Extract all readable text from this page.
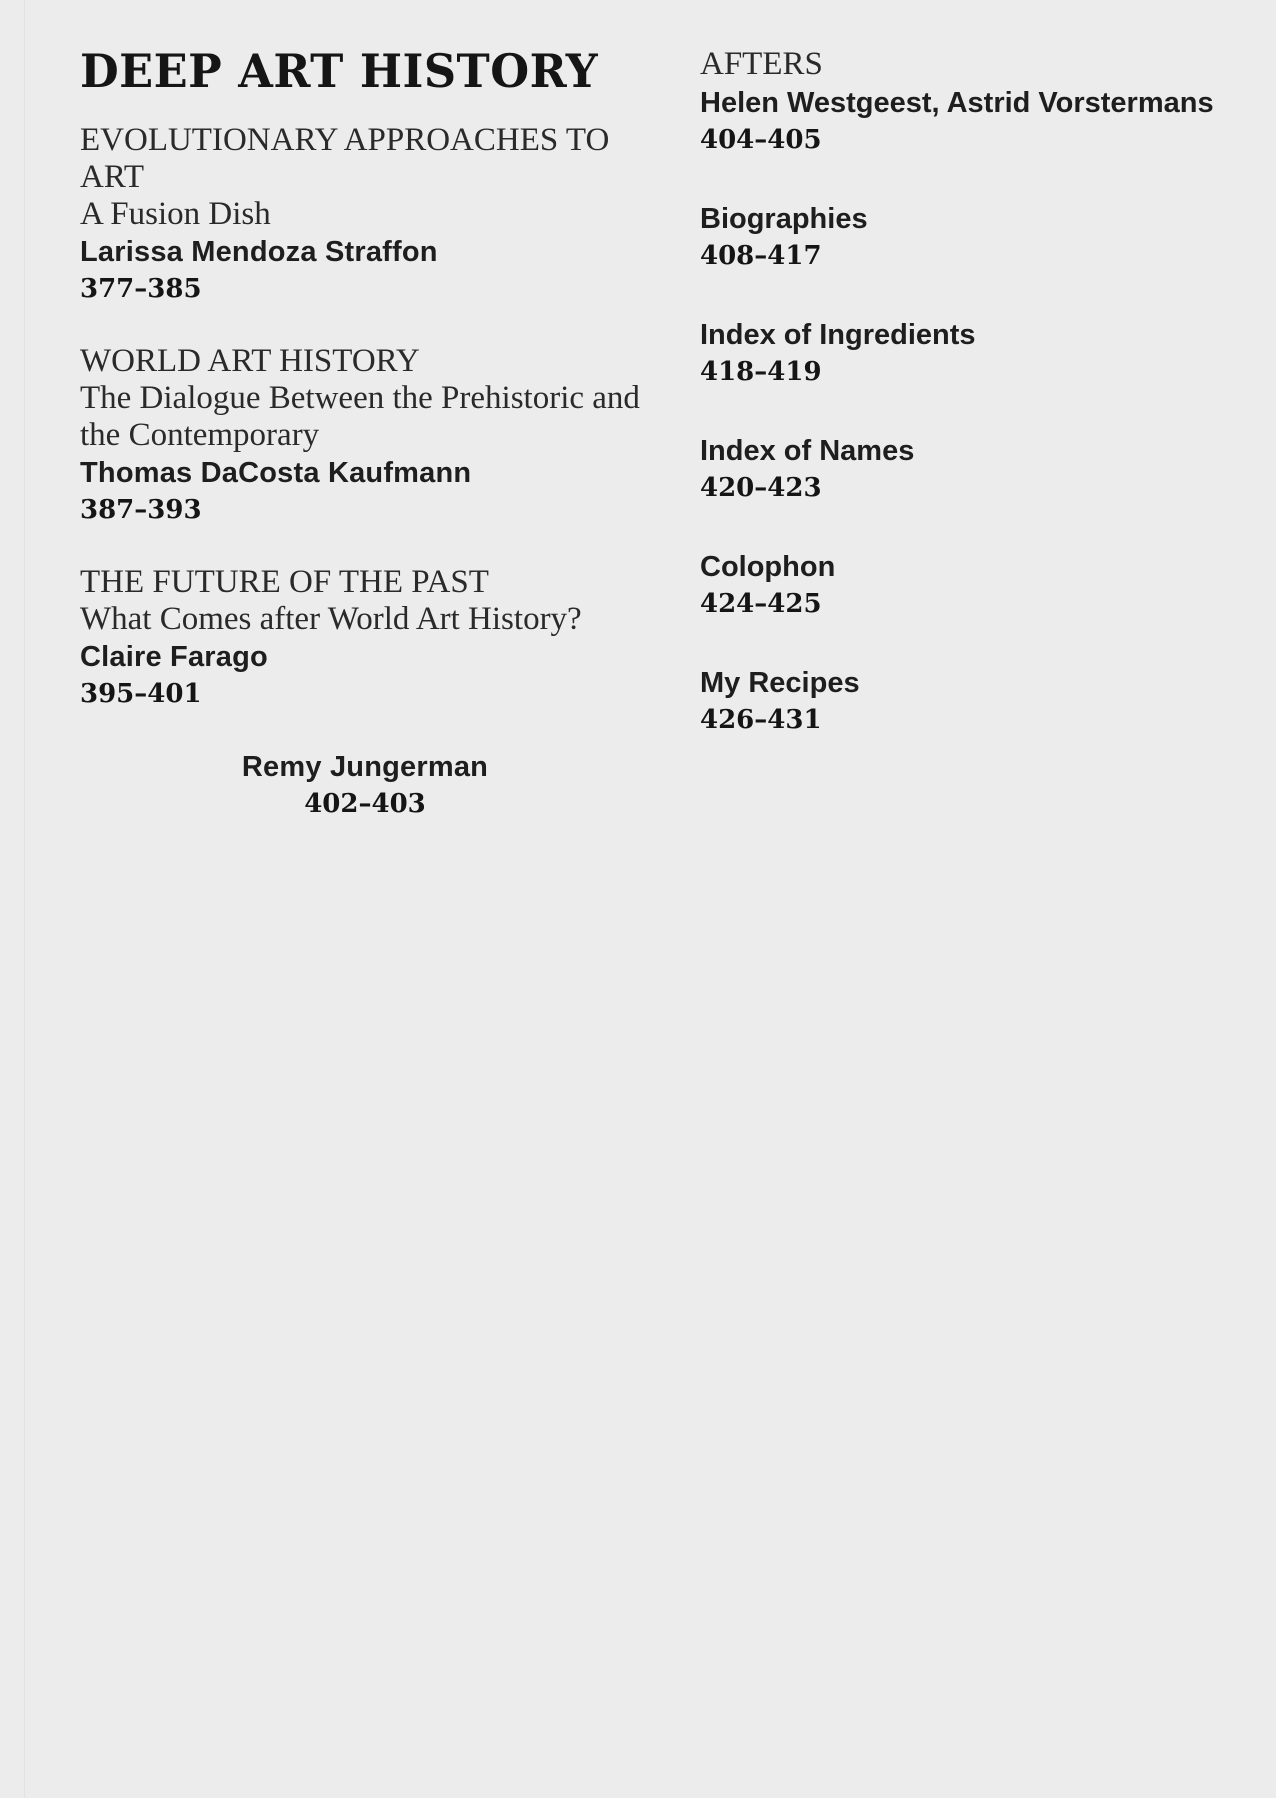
DEEP ART HISTORY
EVOLUTIONARY APPROACHES TO ART
A Fusion Dish
Larissa Mendoza Straffon
377–385
WORLD ART HISTORY
The Dialogue Between the Prehistoric and the Contemporary
Thomas DaCosta Kaufmann
387–393
THE FUTURE OF THE PAST
What Comes after World Art History?
Claire Farago
395–401
Remy Jungerman
402–403
AFTERS
Helen Westgeest, Astrid Vorstermans
404–405
Biographies
408–417
Index of Ingredients
418–419
Index of Names
420–423
Colophon
424–425
My Recipes
426–431
